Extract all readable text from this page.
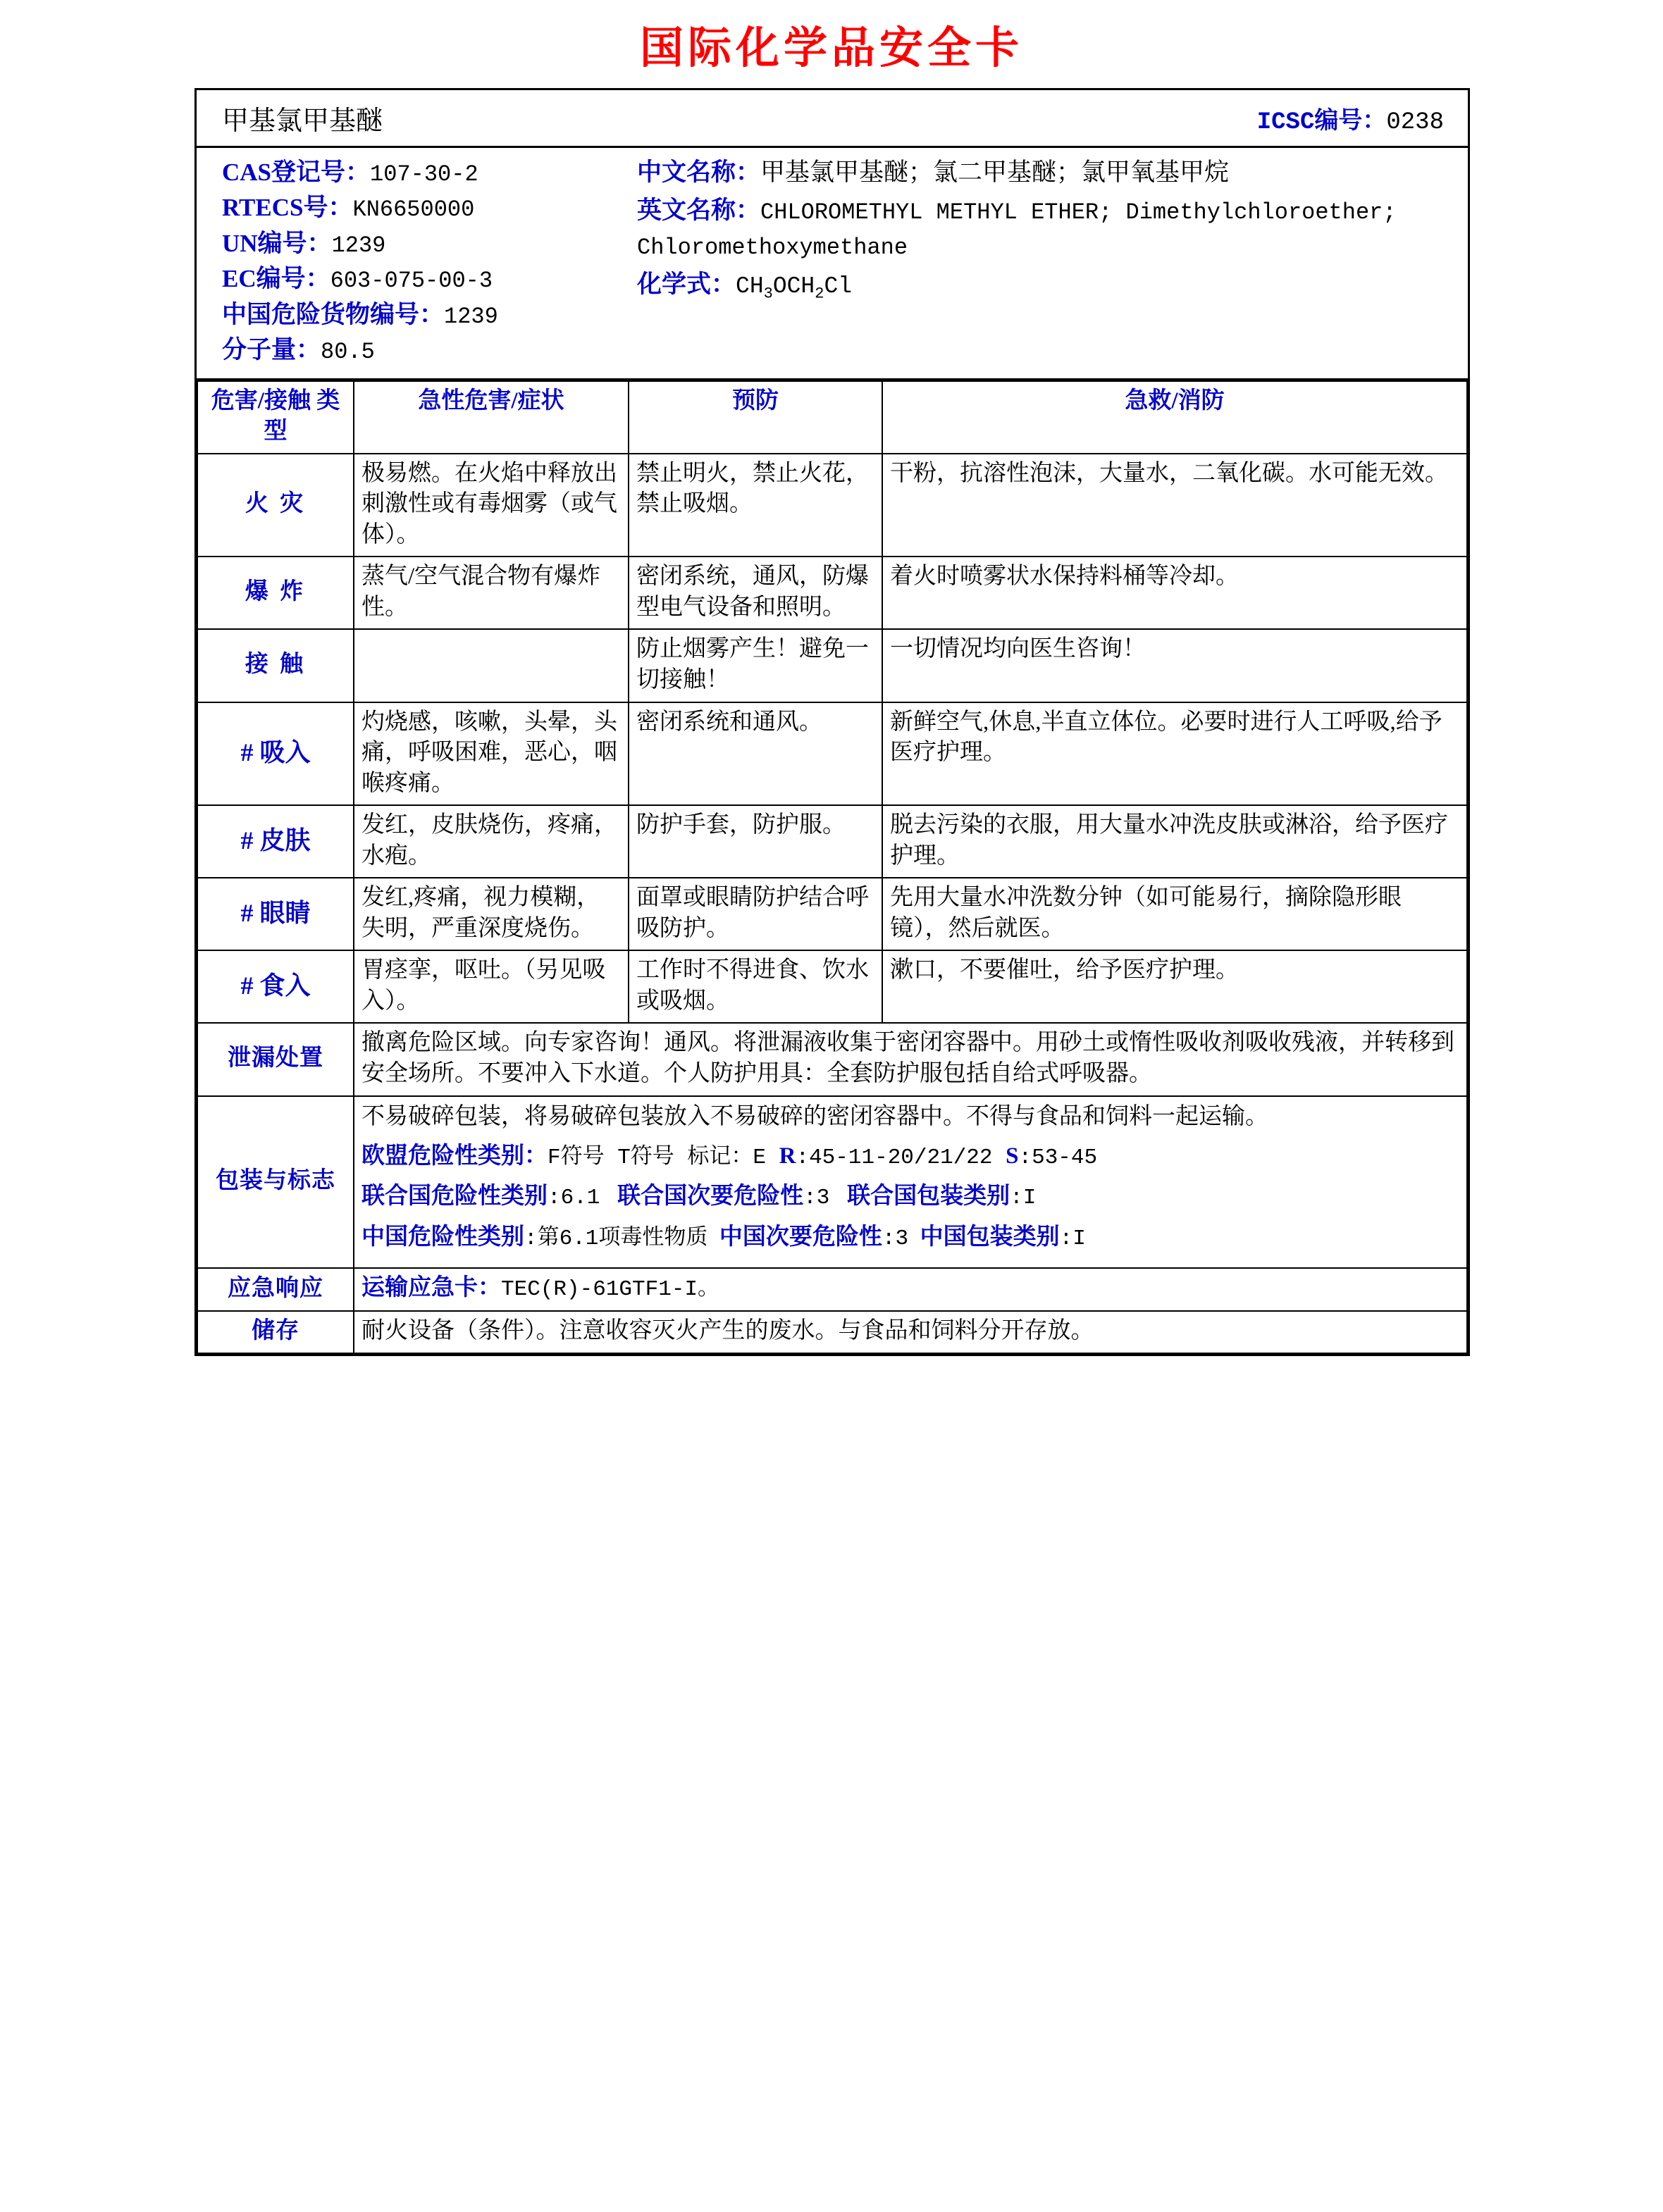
国际化学品安全卡
甲基氯甲基醚	ICSC编号：0238
CAS登记号：107-30-2
RTECS号：KN6650000
UN编号：1239
EC编号：603-075-00-3
中国危险货物编号：1239
分子量：80.5
中文名称：甲基氯甲基醚；氯二甲基醚；氯甲氧基甲烷
英文名称：CHLOROMETHYL METHYL ETHER; Dimethylchloroether; Chloromethoxymethane
化学式：$CH_3OCH_2Cl$
危害/接触 类型	急性危害/症状	预防	急救/消防
火 灾	极易燃。在火焰中释放出刺激性或有毒烟雾（或气体）。	禁止明火，禁止火花，禁止吸烟。	干粉，抗溶性泡沫，大量水，二氧化碳。水可能无效。
爆 炸	蒸气/空气混合物有爆炸性。	密闭系统，通风，防爆型电气设备和照明。	着火时喷雾状水保持料桶等冷却。
接 触		防止烟雾产生！避免一切接触！	一切情况均向医生咨询！
# 吸入	灼烧感，咳嗽，头晕，头痛，呼吸困难，恶心，咽喉疼痛。	密闭系统和通风。	新鲜空气,休息,半直立体位。必要时进行人工呼吸,给予医疗护理。
# 皮肤	发红，皮肤烧伤，疼痛，水疱。	防护手套，防护服。	脱去污染的衣服，用大量水冲洗皮肤或淋浴，给予医疗护理。
# 眼睛	发红,疼痛，视力模糊，失明，严重深度烧伤。	面罩或眼睛防护结合呼吸防护。	先用大量水冲洗数分钟（如可能易行，摘除隐形眼镜），然后就医。
# 食入	胃痉挛，呕吐。（另见吸入）。	工作时不得进食、饮水或吸烟。	漱口，不要催吐，给予医疗护理。
泄漏处置	撤离危险区域。向专家咨询！通风。将泄漏液收集于密闭容器中。用砂土或惰性吸收剂吸收残液，并转移到安全场所。不要冲入下水道。个人防护用具：全套防护服包括自给式呼吸器。		
包装与标志	不易破碎包装，将易破碎包装放入不易破碎的密闭容器中。不得与食品和饲料一起运输。

欧盟危险性类别：F符号 T符号 标记：E R:45-11-20/21/22 S:53-45

联合国危险性类别:6.1 联合国次要危险性:3 联合国包装类别:I

中国危险性类别:第6.1项毒性物质 中国次要危险性:3 中国包装类别:I		

应急响应	运输应急卡：TEC(R)-61GTF1-I。		
储存	耐火设备（条件）。注意收容灭火产生的废水。与食品和饲料分开存放。		
